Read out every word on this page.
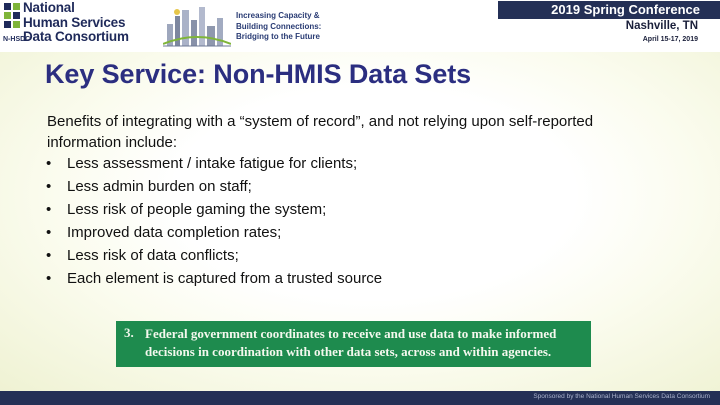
National
Human Services
Data Consortium
N-HSDC
Increasing Capacity &
Building Connections:
Bridging to the Future
2019 Spring Conference
Nashville, TN
April 15-17, 2019
Key Service: Non-HMIS Data Sets

Benefits of integrating with a “system of record”, and not relying upon self-reported information include:

• Less assessment / intake fatigue for clients;
• Less admin burden on staff;
• Less risk of people gaming the system;
• Improved data completion rates;
• Less risk of data conflicts;
• Each element is captured from a trusted source
3. Federal government coordinates to receive and use data to make informed decisions in coordination with other data sets, across and within agencies.
Sponsored by the National Human Services Data Consortium
